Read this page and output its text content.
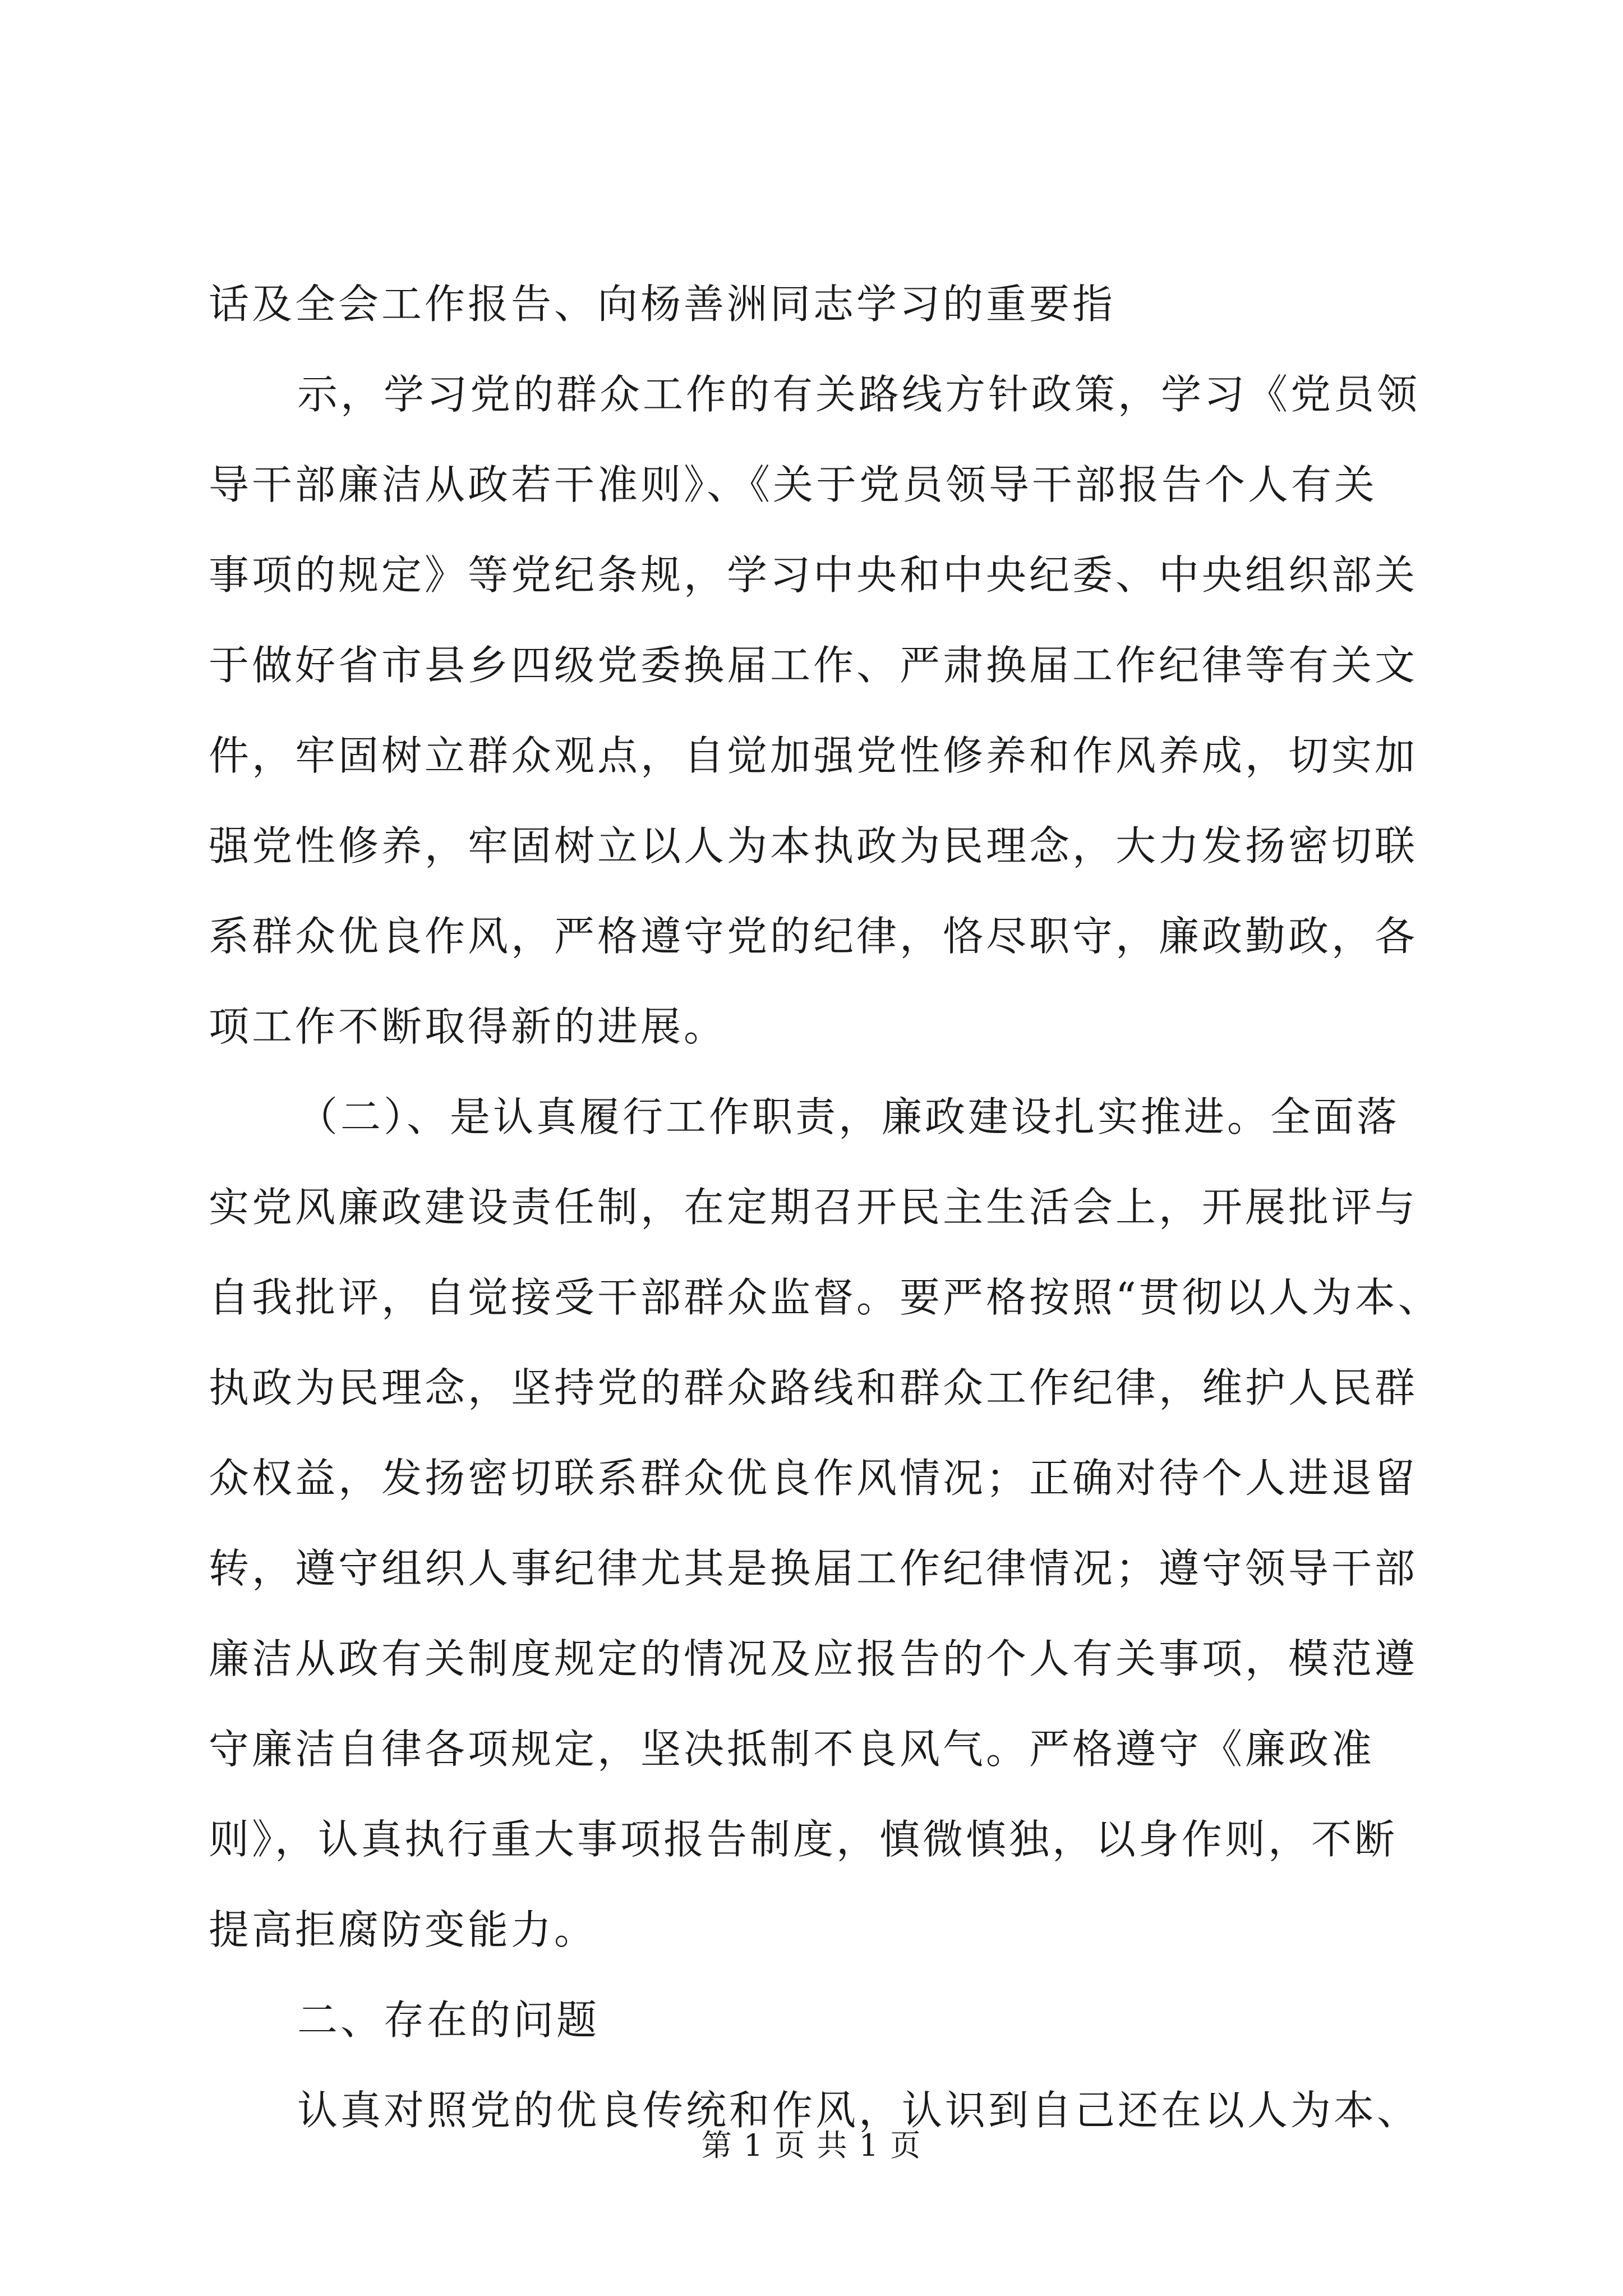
话及全会工作报告、向杨善洲同志学习的重要指
示，学习党的群众工作的有关路线方针政策，学习《党员领
导干部廉洁从政若干准则》、《关于党员领导干部报告个人有关
事项的规定》等党纪条规，学习中央和中央纪委、中央组织部关
于做好省市县乡四级党委换届工作、严肃换届工作纪律等有关文
件，牢固树立群众观点，自觉加强党性修养和作风养成，切实加
强党性修养，牢固树立以人为本执政为民理念，大力发扬密切联
系群众优良作风，严格遵守党的纪律，恪尽职守，廉政勤政，各
项工作不断取得新的进展。
（二）、是认真履行工作职责，廉政建设扎实推进。全面落
实党风廉政建设责任制，在定期召开民主生活会上，开展批评与
自我批评，自觉接受干部群众监督。要严格按照“贯彻以人为本、
执政为民理念，坚持党的群众路线和群众工作纪律，维护人民群
众权益，发扬密切联系群众优良作风情况；正确对待个人进退留
转，遵守组织人事纪律尤其是换届工作纪律情况；遵守领导干部
廉洁从政有关制度规定的情况及应报告的个人有关事项，模范遵
守廉洁自律各项规定，坚决抵制不良风气。严格遵守《廉政准
则》，认真执行重大事项报告制度，慎微慎独，以身作则，不断
提高拒腐防变能力。
二、存在的问题
认真对照党的优良传统和作风，认识到自己还在以人为本、
第 1 页 共 1 页
